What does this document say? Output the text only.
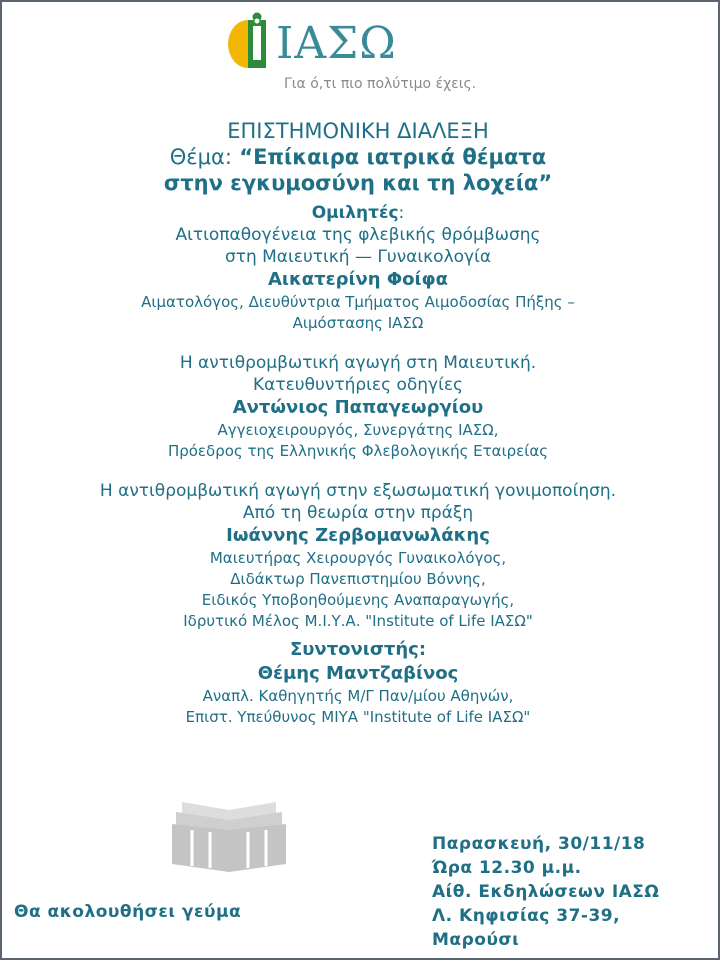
ΙΑΣΩ
Για ό,τι πιο πολύτιμο έχεις.
ΕΠΙΣΤΗΜΟΝΙΚΗ ΔΙΑΛΕΞΗ
Θέμα: “Επίκαιρα ιατρικά θέματα
στην εγκυμοσύνη και τη λοχεία”
Ομιλητές:
Αιτιοπαθογένεια της φλεβικής θρόμβωσης
στη Μαιευτική — Γυναικολογία
Αικατερίνη Φοίφα
Αιματολόγος, Διευθύντρια Τμήματος Αιμοδοσίας Πήξης –
Αιμόστασης ΙΑΣΩ
Η αντιθρομβωτική αγωγή στη Μαιευτική.
Κατευθυντήριες οδηγίες
Αντώνιος Παπαγεωργίου
Αγγειοχειρουργός, Συνεργάτης ΙΑΣΩ,
Πρόεδρος της Ελληνικής Φλεβολογικής Εταιρείας
Η αντιθρομβωτική αγωγή στην εξωσωματική γονιμοποίηση.
Από τη θεωρία στην πράξη
Ιωάννης Ζερβομανωλάκης
Μαιευτήρας Χειρουργός Γυναικολόγος,
Διδάκτωρ Πανεπιστημίου Βόννης,
Ειδικός Υποβοηθούμενης Αναπαραγωγής,
Ιδρυτικό Μέλος Μ.Ι.Υ.Α. "Institute of Life ΙΑΣΩ"
Συντονιστής:
Θέμης Μαντζαβίνος
Αναπλ. Καθηγητής Μ/Γ Παν/μίου Αθηνών,
Επιστ. Υπεύθυνος ΜΙΥΑ "Institute of Life ΙΑΣΩ"
Θα ακολουθήσει γεύμα
Παρασκευή, 30/11/18
Ώρα 12.30 μ.μ.
Αίθ. Εκδηλώσεων ΙΑΣΩ
Λ. Κηφισίας 37-39,
Μαρούσι
